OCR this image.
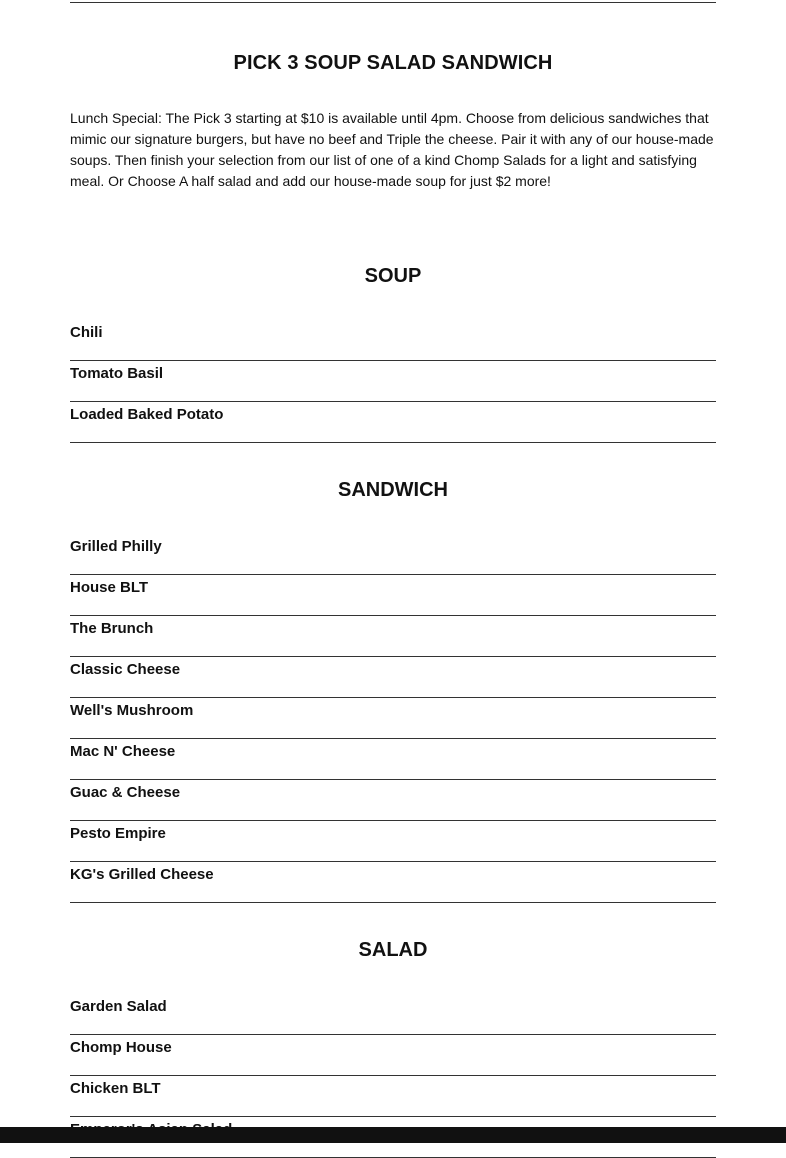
PICK 3 SOUP SALAD SANDWICH

Lunch Special: The Pick 3 starting at $10 is available until 4pm. Choose from delicious sandwiches that mimic our signature burgers, but have no beef and Triple the cheese. Pair it with any of our house-made soups. Then finish your selection from our list of one of a kind Chomp Salads for a light and satisfying meal. Or Choose A half salad and add our house-made soup for just $2 more!

SOUP
Chili
Tomato Basil
Loaded Baked Potato
SANDWICH
Grilled Philly
House BLT
The Brunch
Classic Cheese
Well's Mushroom
Mac N' Cheese
Guac & Cheese
Pesto Empire
KG's Grilled Cheese
SALAD
Garden Salad
Chomp House
Chicken BLT
